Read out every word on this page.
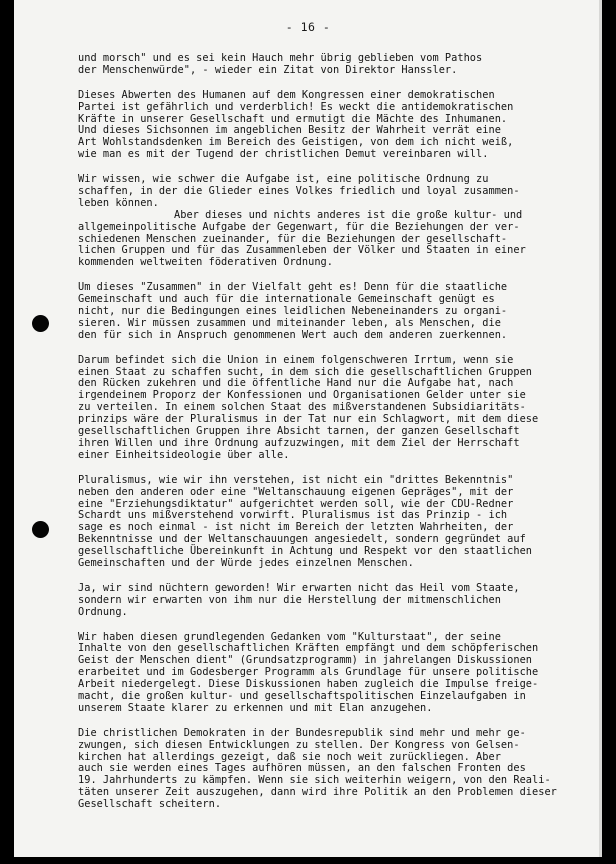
- 16 -
und morsch" und es sei kein Hauch mehr übrig geblieben vom Pathos
der Menschenwürde", - wieder ein Zitat von Direktor Hanssler.
Dieses Abwerten des Humanen auf dem Kongressen einer demokratischen
Partei ist gefährlich und verderblich! Es weckt die antidemokratischen
Kräfte in unserer Gesellschaft und ermutigt die Mächte des Inhumanen.
Und dieses Sichsonnen im angeblichen Besitz der Wahrheit verrät eine
Art Wohlstandsdenken im Bereich des Geistigen, von dem ich nicht weiß,
wie man es mit der Tugend der christlichen Demut vereinbaren will.
Wir wissen, wie schwer die Aufgabe ist, eine politische Ordnung zu
schaffen, in der die Glieder eines Volkes friedlich und loyal zusammen-
leben können.
Aber dieses und nichts anderes ist die große kultur- und
allgemeinpolitische Aufgabe der Gegenwart, für die Beziehungen der ver-
schiedenen Menschen zueinander, für die Beziehungen der gesellschaft-
lichen Gruppen und für das Zusammenleben der Völker und Staaten in einer
kommenden weltweiten föderativen Ordnung.
Um dieses "Zusammen" in der Vielfalt geht es! Denn für die staatliche
Gemeinschaft und auch für die internationale Gemeinschaft genügt es
nicht, nur die Bedingungen eines leidlichen Nebeneinanders zu organi-
sieren. Wir müssen zusammen und miteinander leben, als Menschen, die
den für sich in Anspruch genommenen Wert auch dem anderen zuerkennen.
Darum befindet sich die Union in einem folgenschweren Irrtum, wenn sie
einen Staat zu schaffen sucht, in dem sich die gesellschaftlichen Gruppen
den Rücken zukehren und die öffentliche Hand nur die Aufgabe hat, nach
irgendeinem Proporz der Konfessionen und Organisationen Gelder unter sie
zu verteilen. In einem solchen Staat des mißverstandenen Subsidiaritäts-
prinzips wäre der Pluralismus in der Tat nur ein Schlagwort, mit dem diese
gesellschaftlichen Gruppen ihre Absicht tarnen, der ganzen Gesellschaft
ihren Willen und ihre Ordnung aufzuzwingen, mit dem Ziel der Herrschaft
einer Einheitsideologie über alle.
Pluralismus, wie wir ihn verstehen, ist nicht ein "drittes Bekenntnis"
neben den anderen oder eine "Weltanschauung eigenen Gepräges", mit der
eine "Erziehungsdiktatur" aufgerichtet werden soll, wie der CDU-Redner
Schardt uns mißverstehend vorwirft. Pluralismus ist das Prinzip - ich
sage es noch einmal - ist nicht im Bereich der letzten Wahrheiten, der
Bekenntnisse und der Weltanschauungen angesiedelt, sondern gegründet auf
gesellschaftliche Übereinkunft in Achtung und Respekt vor den staatlichen
Gemeinschaften und der Würde jedes einzelnen Menschen.
Ja, wir sind nüchtern geworden! Wir erwarten nicht das Heil vom Staate,
sondern wir erwarten von ihm nur die Herstellung der mitmenschlichen
Ordnung.
Wir haben diesen grundlegenden Gedanken vom "Kulturstaat", der seine
Inhalte von den gesellschaftlichen Kräften empfängt und dem schöpferischen
Geist der Menschen dient" (Grundsatzprogramm) in jahrelangen Diskussionen
erarbeitet und im Godesberger Programm als Grundlage für unsere politische
Arbeit niedergelegt. Diese Diskussionen haben zugleich die Impulse freige-
macht, die großen kultur- und gesellschaftspolitischen Einzelaufgaben in
unserem Staate klarer zu erkennen und mit Elan anzugehen.
Die christlichen Demokraten in der Bundesrepublik sind mehr und mehr ge-
zwungen, sich diesen Entwicklungen zu stellen. Der Kongress von Gelsen-
kirchen hat allerdings gezeigt, daß sie noch weit zurückliegen. Aber
auch sie werden eines Tages aufhören müssen, an den falschen Fronten des
19. Jahrhunderts zu kämpfen. Wenn sie sich weiterhin weigern, von den Reali-
täten unserer Zeit auszugehen, dann wird ihre Politik an den Problemen dieser
Gesellschaft scheitern.
